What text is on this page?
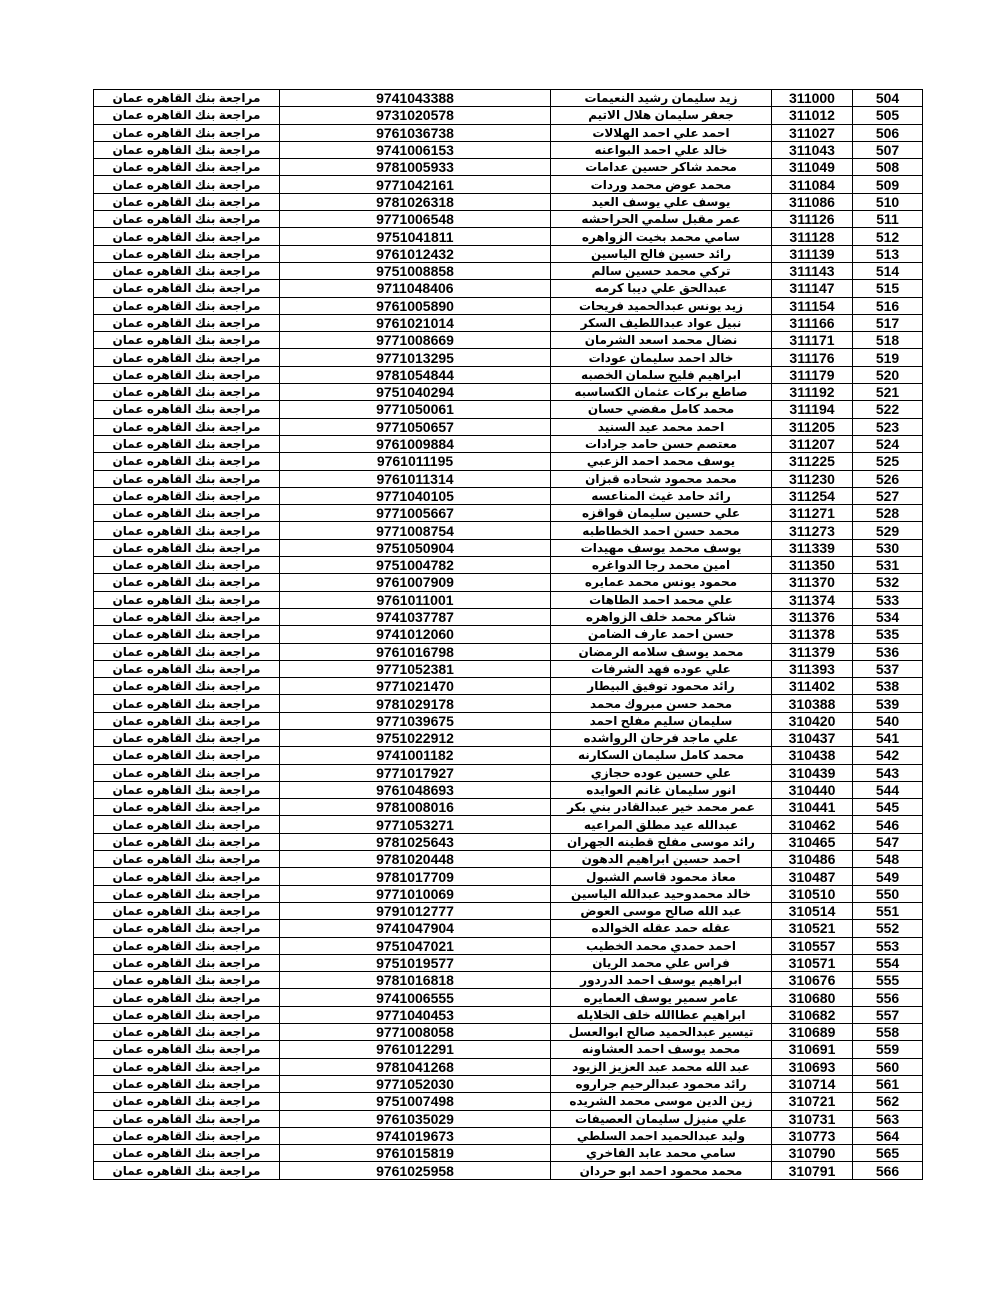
مراجعة بنك القاهره عمان	9741043388	زيد سليمان رشيد النعيمات	311000	504
مراجعة بنك القاهره عمان	9731020578	جعفر سليمان هلال الاتيم	311012	505
مراجعة بنك القاهره عمان	9761036738	احمد علي احمد الهلالات	311027	506
مراجعة بنك القاهره عمان	9741006153	خالد علي احمد البواعنه	311043	507
مراجعة بنك القاهره عمان	9781005933	محمد شاكر حسين عدامات	311049	508
مراجعة بنك القاهره عمان	9771042161	محمد عوض محمد وردات	311084	509
مراجعة بنك القاهره عمان	9781026318	يوسف علي يوسف العيد	311086	510
مراجعة بنك القاهره عمان	9771006548	عمر مقبل سلمي الحراحشه	311126	511
مراجعة بنك القاهره عمان	9751041811	سامي محمد بخيت الزواهره	311128	512
مراجعة بنك القاهره عمان	9761012432	رائد حسين فالح الياسين	311139	513
مراجعة بنك القاهره عمان	9751008858	تركي محمد حسين سالم	311143	514
مراجعة بنك القاهره عمان	9711048406	عبدالحق علي ديبا كرمه	311147	515
مراجعة بنك القاهره عمان	9761005890	زيد يونس عبدالحميد فريحات	311154	516
مراجعة بنك القاهره عمان	9761021014	نبيل عواد عبداللطيف السكر	311166	517
مراجعة بنك القاهره عمان	9771008669	نضال محمد اسعد الشرمان	311171	518
مراجعة بنك القاهره عمان	9771013295	خالد احمد سليمان عودات	311176	519
مراجعة بنك القاهره عمان	9781054844	ابراهيم فليح سلمان الخصبه	311179	520
مراجعة بنك القاهره عمان	9751040294	صاطع بركات عثمان الكساسبه	311192	521
مراجعة بنك القاهره عمان	9771050061	محمد كامل مفضي حسان	311194	522
مراجعة بنك القاهره عمان	9771050657	احمد محمد عيد السنيد	311205	523
مراجعة بنك القاهره عمان	9761009884	معتصم حسن حامد جرادات	311207	524
مراجعة بنك القاهره عمان	9761011195	يوسف محمد احمد الزعبي	311225	525
مراجعة بنك القاهره عمان	9761011314	محمد محمود شحاده قبزان	311230	526
مراجعة بنك القاهره عمان	9771040105	رائد حامد غيث المناعسه	311254	527
مراجعة بنك القاهره عمان	9771005667	علي حسين سليمان قواقزه	311271	528
مراجعة بنك القاهره عمان	9771008754	محمد حسن احمد الخطاطبه	311273	529
مراجعة بنك القاهره عمان	9751050904	يوسف محمد يوسف مهيدات	311339	530
مراجعة بنك القاهره عمان	9751004782	امين محمد رجا الدواغره	311350	531
مراجعة بنك القاهره عمان	9761007909	محمود يونس محمد عمايره	311370	532
مراجعة بنك القاهره عمان	9761011001	علي محمد احمد الطاهات	311374	533
مراجعة بنك القاهره عمان	9741037787	شاكر محمد خلف الزواهره	311376	534
مراجعة بنك القاهره عمان	9741012060	حسن احمد عارف الضامن	311378	535
مراجعة بنك القاهره عمان	9761016798	محمد يوسف سلامه الرمضان	311379	536
مراجعة بنك القاهره عمان	9771052381	علي عوده فهد الشرفات	311393	537
مراجعة بنك القاهره عمان	9771021470	رائد محمود توفيق البيطار	311402	538
مراجعة بنك القاهره عمان	9781029178	محمد حسن مبروك محمد	310388	539
مراجعة بنك القاهره عمان	9771039675	سليمان سليم مفلح احمد	310420	540
مراجعة بنك القاهره عمان	9751022912	علي ماجد فرحان الرواشده	310437	541
مراجعة بنك القاهره عمان	9741001182	محمد كامل سليمان السكارنه	310438	542
مراجعة بنك القاهره عمان	9771017927	علي حسين عوده حجازي	310439	543
مراجعة بنك القاهره عمان	9761048693	انور سليمان غانم العوايده	310440	544
مراجعة بنك القاهره عمان	9781008016	عمر محمد خير عبدالقادر بني بكر	310441	545
مراجعة بنك القاهره عمان	9771053271	عبدالله عيد مطلق المراعيه	310462	546
مراجعة بنك القاهره عمان	9781025643	رائد موسى مفلح قطينه الجهران	310465	547
مراجعة بنك القاهره عمان	9781020448	احمد حسين ابراهيم الدهون	310486	548
مراجعة بنك القاهره عمان	9781017709	معاذ محمود قاسم الشبول	310487	549
مراجعة بنك القاهره عمان	9771010069	خالد محمدوحيد عبدالله الياسين	310510	550
مراجعة بنك القاهره عمان	9791012777	عبد الله صالح موسى العوض	310514	551
مراجعة بنك القاهره عمان	9741047904	عقله حمد عقله الخوالده	310521	552
مراجعة بنك القاهره عمان	9751047021	احمد حمدي محمد الخطيب	310557	553
مراجعة بنك القاهره عمان	9751019577	فراس علي محمد الريان	310571	554
مراجعة بنك القاهره عمان	9781016818	ابراهيم يوسف احمد الدردور	310676	555
مراجعة بنك القاهره عمان	9741006555	عامر سمير يوسف العمايره	310680	556
مراجعة بنك القاهره عمان	9771040453	ابراهيم عطاالله خلف الخلايله	310682	557
مراجعة بنك القاهره عمان	9771008058	تيسير عبدالحميد صالح ابوالعسل	310689	558
مراجعة بنك القاهره عمان	9761012291	محمد يوسف احمد العشاونه	310691	559
مراجعة بنك القاهره عمان	9781041268	عبد الله محمد عبد العزيز الزيود	310693	560
مراجعة بنك القاهره عمان	9771052030	رائد محمود عبدالرحيم جراروه	310714	561
مراجعة بنك القاهره عمان	9751007498	زين الدين موسى محمد الشريده	310721	562
مراجعة بنك القاهره عمان	9761035029	علي منيزل سليمان العصيفات	310731	563
مراجعة بنك القاهره عمان	9741019673	وليد عبدالحميد احمد السلطي	310773	564
مراجعة بنك القاهره عمان	9761015819	سامي محمد عابد الفاخري	310790	565
مراجعة بنك القاهره عمان	9761025958	محمد محمود احمد ابو حردان	310791	566
